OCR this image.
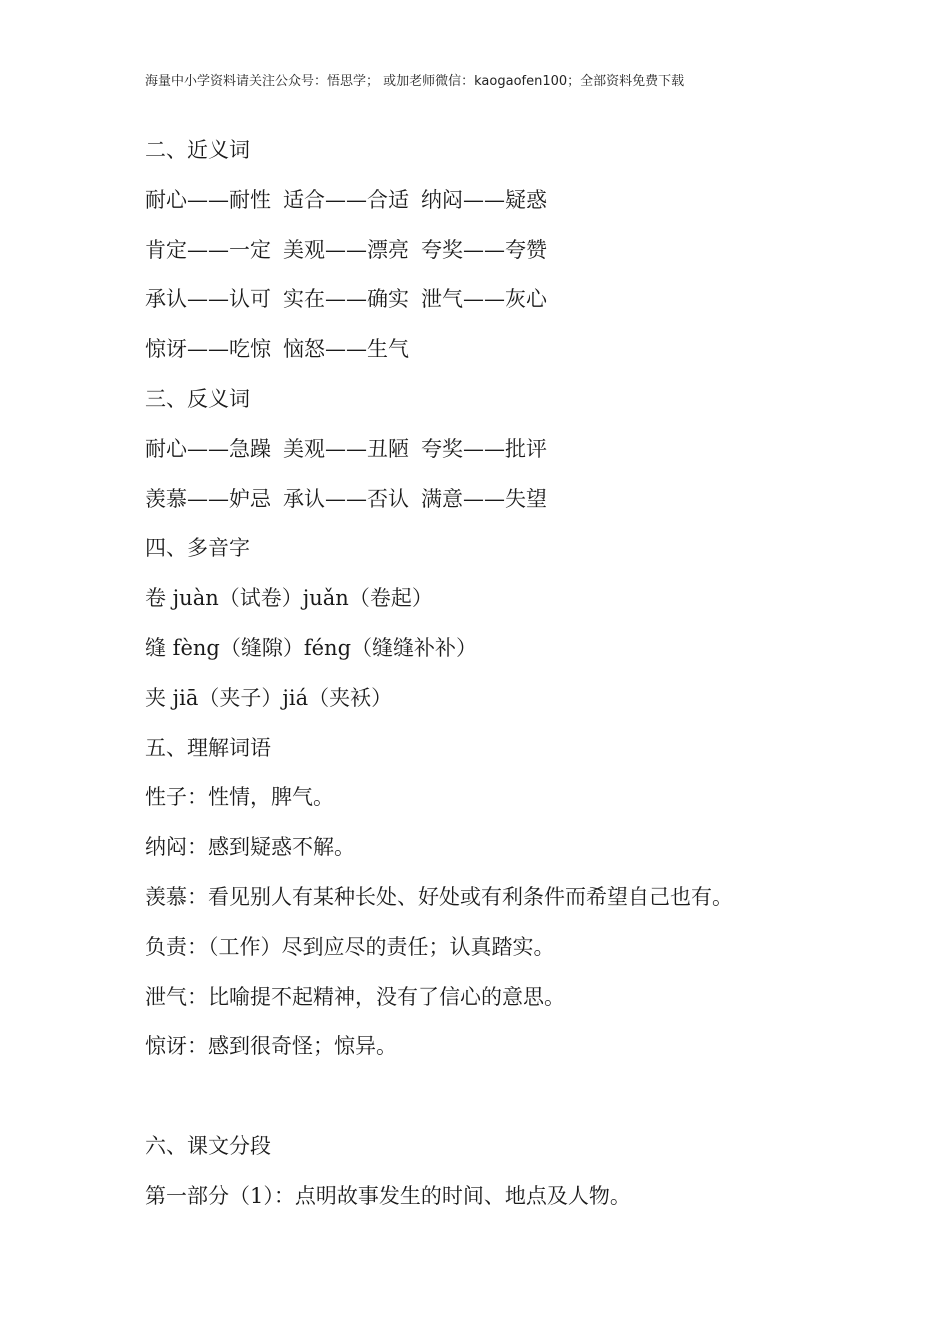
海量中小学资料请关注公众号：悟思学； 或加老师微信：kaogaofen100；全部资料免费下载
二、近义词
耐心——耐性 适合——合适 纳闷——疑惑
肯定——一定 美观——漂亮 夸奖——夸赞
承认——认可 实在——确实 泄气——灰心
惊讶——吃惊 恼怒——生气
三、反义词
耐心——急躁 美观——丑陋 夸奖——批评
羡慕——妒忌 承认——否认 满意——失望
四、多音字
卷 juàn（试卷）juǎn（卷起）
缝 fèng（缝隙）féng（缝缝补补）
夹 jiā（夹子）jiá（夹袄）
五、理解词语
性子：性情，脾气。
纳闷：感到疑惑不解。
羡慕：看见别人有某种长处、好处或有利条件而希望自己也有。
负责：（工作）尽到应尽的责任；认真踏实。
泄气：比喻提不起精神，没有了信心的意思。
惊讶：感到很奇怪；惊异。
六、课文分段
第一部分（1）：点明故事发生的时间、地点及人物。
